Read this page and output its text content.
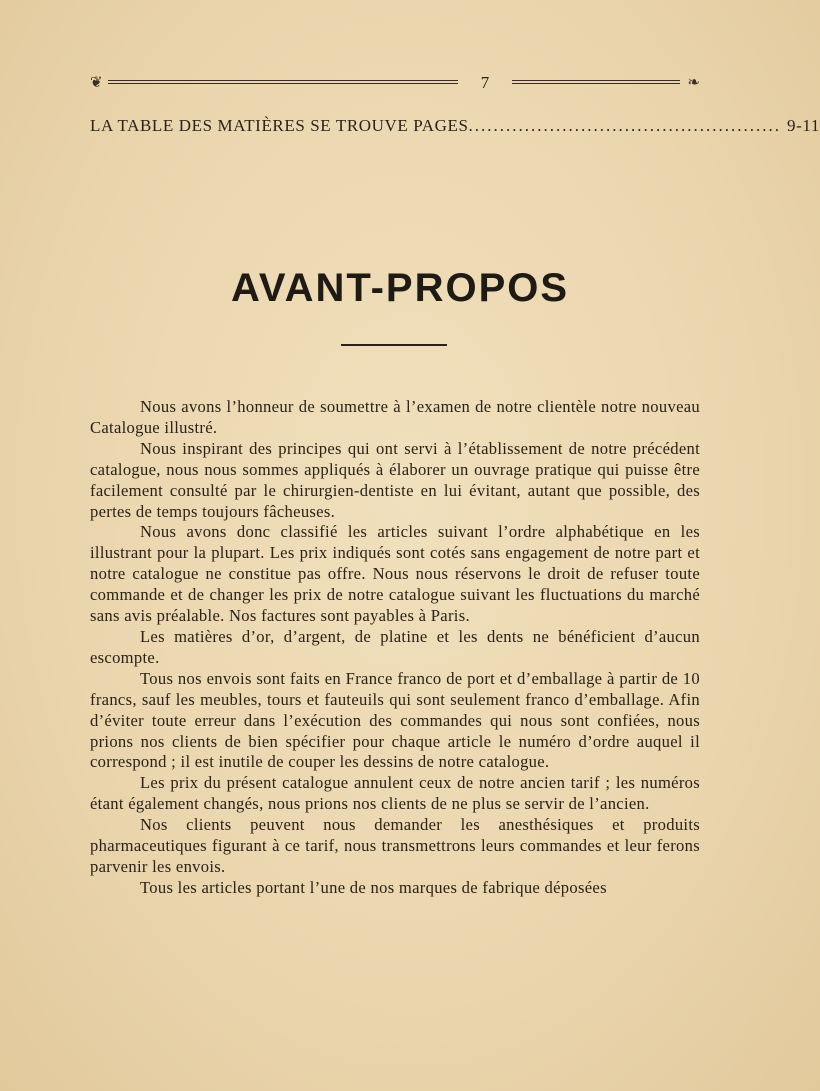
❦	7	❧
LA TABLE DES MATIÈRES SE TROUVE PAGES .................................................. 9-11
AVANT-PROPOS

Nous avons l’honneur de soumettre à l’examen de notre clientèle notre nouveau Catalogue illustré.

Nous inspirant des principes qui ont servi à l’établissement de notre précédent catalogue, nous nous sommes appliqués à élaborer un ouvrage pratique qui puisse être facilement consulté par le chirurgien-dentiste en lui évitant, autant que possible, des pertes de temps toujours fâcheuses.

Nous avons donc classifié les articles suivant l’ordre alphabétique en les illustrant pour la plupart. Les prix indiqués sont cotés sans engagement de notre part et notre catalogue ne constitue pas offre. Nous nous réservons le droit de refuser toute commande et de changer les prix de notre catalogue suivant les fluctuations du marché sans avis préalable. Nos factures sont payables à Paris.

Les matières d’or, d’argent, de platine et les dents ne bénéficient d’aucun escompte.

Tous nos envois sont faits en France franco de port et d’emballage à partir de 10 francs, sauf les meubles, tours et fauteuils qui sont seulement franco d’emballage. Afin d’éviter toute erreur dans l’exécution des commandes qui nous sont confiées, nous prions nos clients de bien spécifier pour chaque article le numéro d’ordre auquel il correspond ; il est inutile de couper les dessins de notre catalogue.

Les prix du présent catalogue annulent ceux de notre ancien tarif ; les numéros étant également changés, nous prions nos clients de ne plus se servir de l’ancien.

Nos clients peuvent nous demander les anesthésiques et produits pharmaceutiques figurant à ce tarif, nous transmettrons leurs commandes et leur ferons parvenir les envois.

Tous les articles portant l’une de nos marques de fabrique déposées
